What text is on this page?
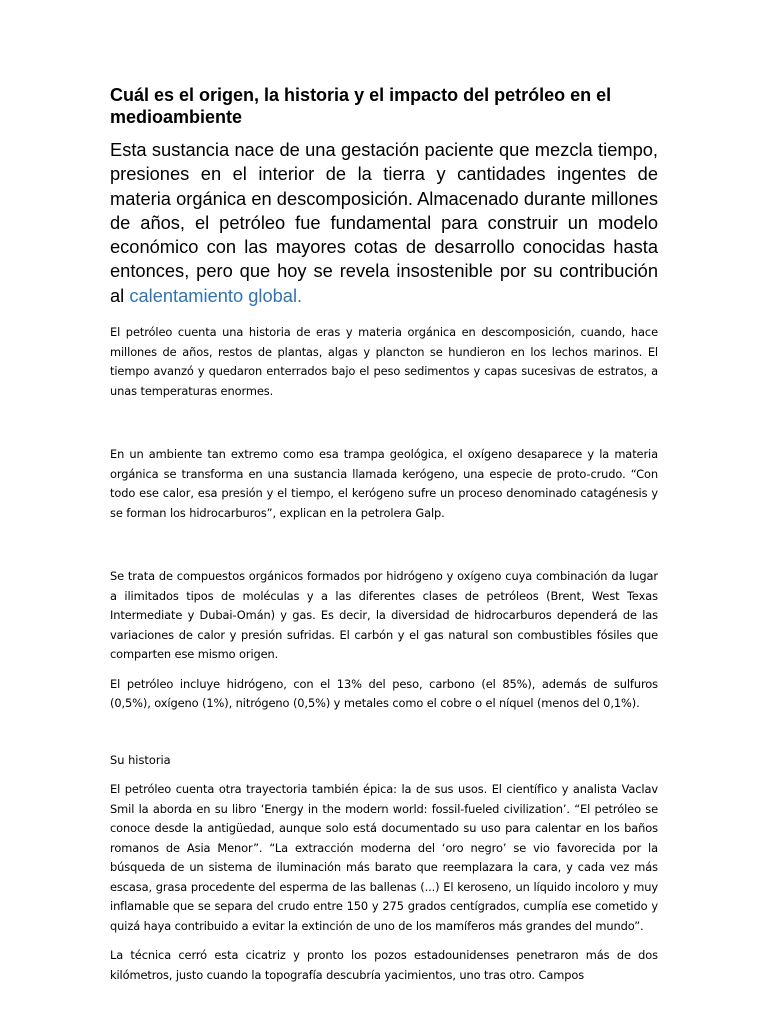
Cuál es el origen, la historia y el impacto del petróleo en el medioambiente

Esta sustancia nace de una gestación paciente que mezcla tiempo, presiones en el interior de la tierra y cantidades ingentes de materia orgánica en descomposición. Almacenado durante millones de años, el petróleo fue fundamental para construir un modelo económico con las mayores cotas de desarrollo conocidas hasta entonces, pero que hoy se revela insostenible por su contribución al calentamiento global.

El petróleo cuenta una historia de eras y materia orgánica en descomposición, cuando, hace millones de años, restos de plantas, algas y plancton se hundieron en los lechos marinos. El tiempo avanzó y quedaron enterrados bajo el peso sedimentos y capas sucesivas de estratos, a unas temperaturas enormes.

En un ambiente tan extremo como esa trampa geológica, el oxígeno desaparece y la materia orgánica se transforma en una sustancia llamada kerógeno, una especie de proto-crudo. “Con todo ese calor, esa presión y el tiempo, el kerógeno sufre un proceso denominado catagénesis y se forman los hidrocarburos”, explican en la petrolera Galp.

Se trata de compuestos orgánicos formados por hidrógeno y oxígeno cuya combinación da lugar a ilimitados tipos de moléculas y a las diferentes clases de petróleos (Brent, West Texas Intermediate y Dubai-Omán) y gas. Es decir, la diversidad de hidrocarburos dependerá de las variaciones de calor y presión sufridas. El carbón y el gas natural son combustibles fósiles que comparten ese mismo origen.

El petróleo incluye hidrógeno, con el 13% del peso, carbono (el 85%), además de sulfuros (0,5%), oxígeno (1%), nitrógeno (0,5%) y metales como el cobre o el níquel (menos del 0,1%).

Su historia

El petróleo cuenta otra trayectoria también épica: la de sus usos. El científico y analista Vaclav Smil la aborda en su libro ‘Energy in the modern world: fossil-fueled civilization’. “El petróleo se conoce desde la antigüedad, aunque solo está documentado su uso para calentar en los baños romanos de Asia Menor”. “La extracción moderna del ‘oro negro’ se vio favorecida por la búsqueda de un sistema de iluminación más barato que reemplazara la cara, y cada vez más escasa, grasa procedente del esperma de las ballenas (...) El keroseno, un líquido incoloro y muy inflamable que se separa del crudo entre 150 y 275 grados centígrados, cumplía ese cometido y quizá haya contribuido a evitar la extinción de uno de los mamíferos más grandes del mundo”.

La técnica cerró esta cicatriz y pronto los pozos estadounidenses penetraron más de dos kilómetros, justo cuando la topografía descubría yacimientos, uno tras otro. Campos
